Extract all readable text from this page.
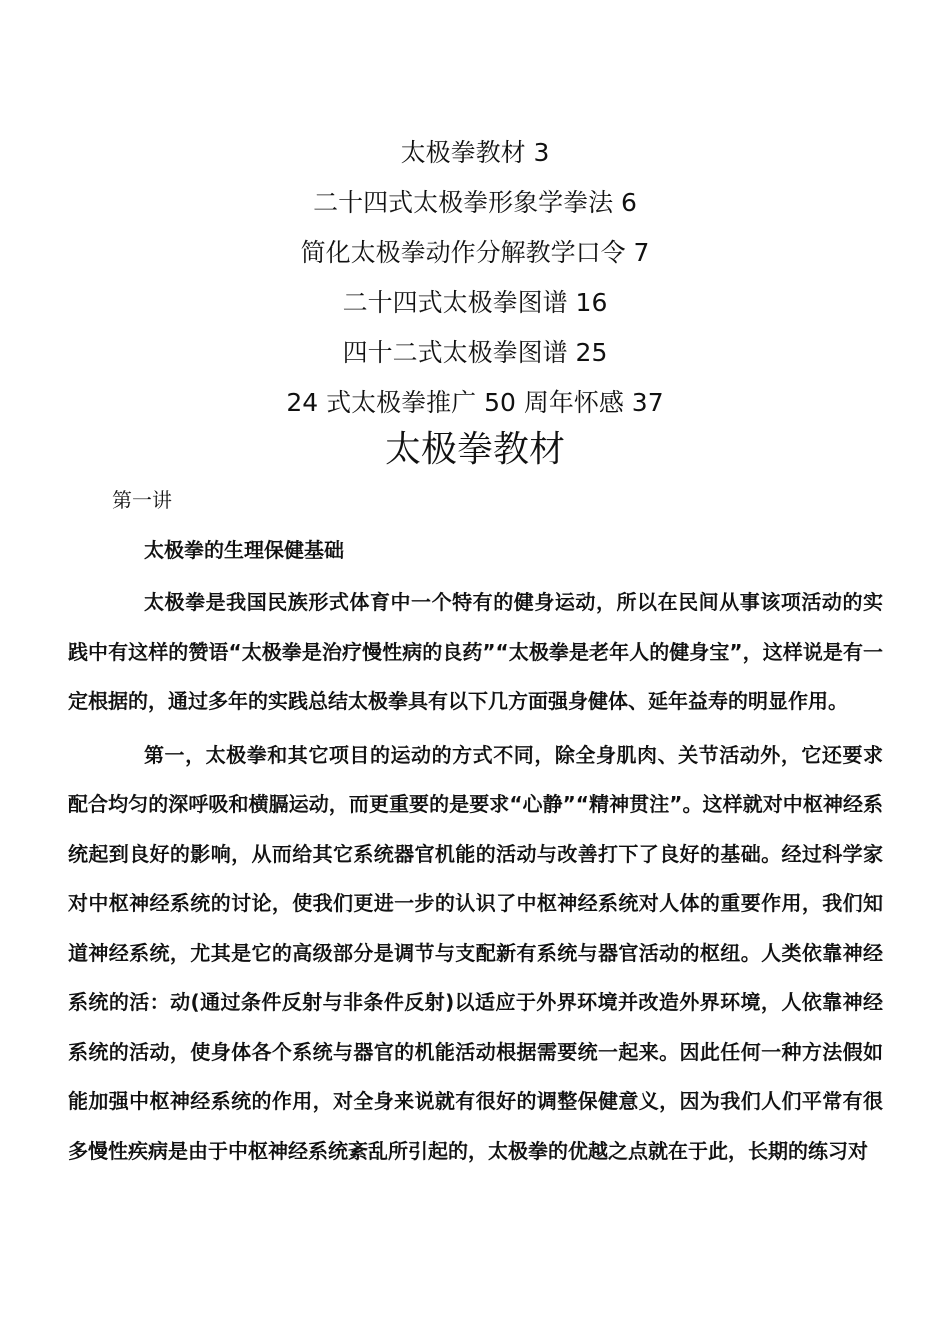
太极拳教材 3
二十四式太极拳形象学拳法 6
简化太极拳动作分解教学口令 7
二十四式太极拳图谱 16
四十二式太极拳图谱 25
24 式太极拳推广 50 周年怀感 37
太极拳教材
第一讲
太极拳的生理保健基础

太极拳是我国民族形式体育中一个特有的健身运动，所以在民间从事该项活动的实践中有这样的赞语“太极拳是治疗慢性病的良药”“太极拳是老年人的健身宝”，这样说是有一定根据的，通过多年的实践总结太极拳具有以下几方面强身健体、延年益寿的明显作用。

第一，太极拳和其它项目的运动的方式不同，除全身肌肉、关节活动外，它还要求配合均匀的深呼吸和横膈运动，而更重要的是要求“心静”“精神贯注”。这样就对中枢神经系统起到良好的影响，从而给其它系统器官机能的活动与改善打下了良好的基础。经过科学家对中枢神经系统的讨论，使我们更进一步的认识了中枢神经系统对人体的重要作用，我们知道神经系统，尤其是它的高级部分是调节与支配新有系统与器官活动的枢纽。人类依靠神经系统的活：动(通过条件反射与非条件反射)以适应于外界环境并改造外界环境，人依靠神经系统的活动，使身体各个系统与器官的机能活动根据需要统一起来。因此任何一种方法假如能加强中枢神经系统的作用，对全身来说就有很好的调整保健意义，因为我们人们平常有很多慢性疾病是由于中枢神经系统紊乱所引起的，太极拳的优越之点就在于此，长期的练习对
